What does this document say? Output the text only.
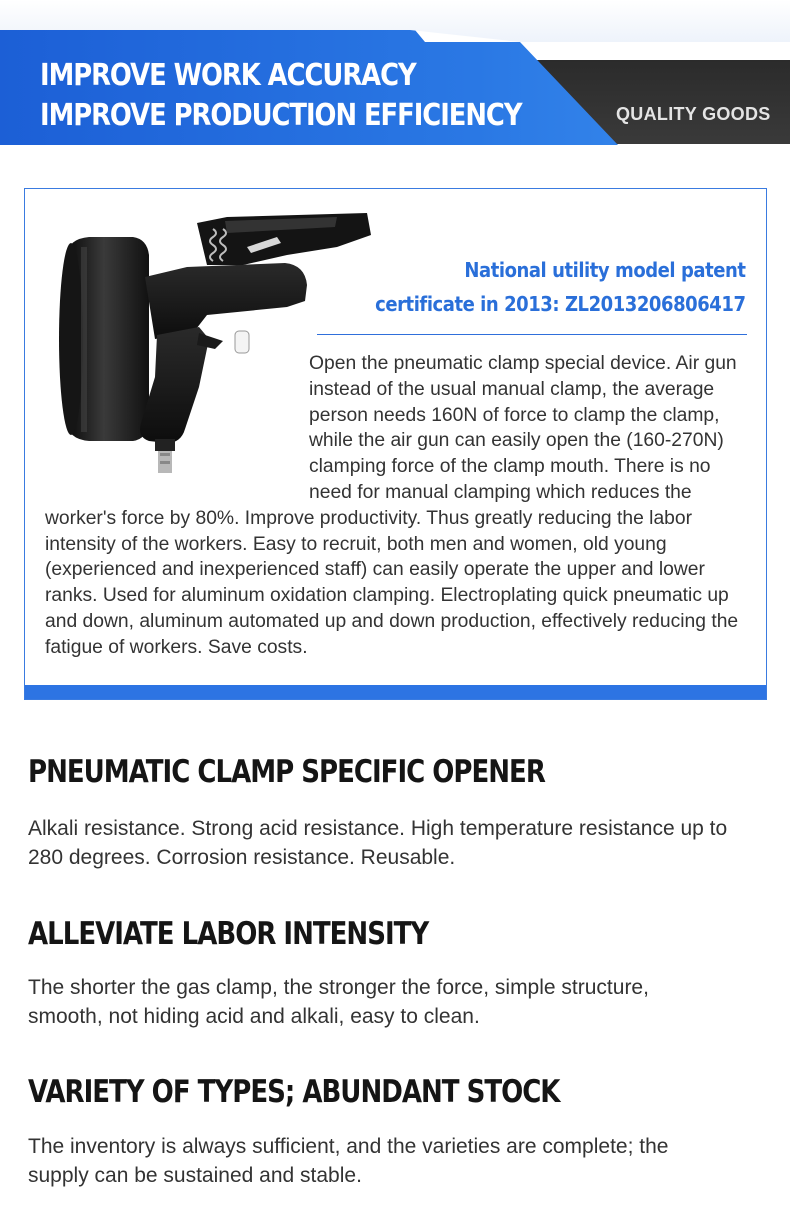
IMPROVE WORK ACCURACY
IMPROVE PRODUCTION EFFICIENCY	QUALITY GOODS
National utility model patent
certificate in 2013: ZL2013206806417

Open the pneumatic clamp special device. Air gun instead of the usual manual clamp, the average person needs 160N of force to clamp the clamp, while the air gun can easily open the (160-270N) clamping force of the clamp mouth. There is no need for manual clamping which reduces the worker's force by 80%. Improve productivity. Thus greatly reducing the labor intensity of the workers. Easy to recruit, both men and women, old young (experienced and inexperienced staff) can easily operate the upper and lower ranks. Used for aluminum oxidation clamping. Electroplating quick pneumatic up and down, aluminum automated up and down production, effectively reducing the fatigue of workers. Save costs.

PNEUMATIC CLAMP SPECIFIC OPENER

Alkali resistance. Strong acid resistance. High temperature resistance up to 280 degrees. Corrosion resistance. Reusable.

ALLEVIATE LABOR INTENSITY

The shorter the gas clamp, the stronger the force, simple structure, smooth, not hiding acid and alkali, easy to clean.

VARIETY OF TYPES; ABUNDANT STOCK

The inventory is always sufficient, and the varieties are complete; the supply can be sustained and stable.
